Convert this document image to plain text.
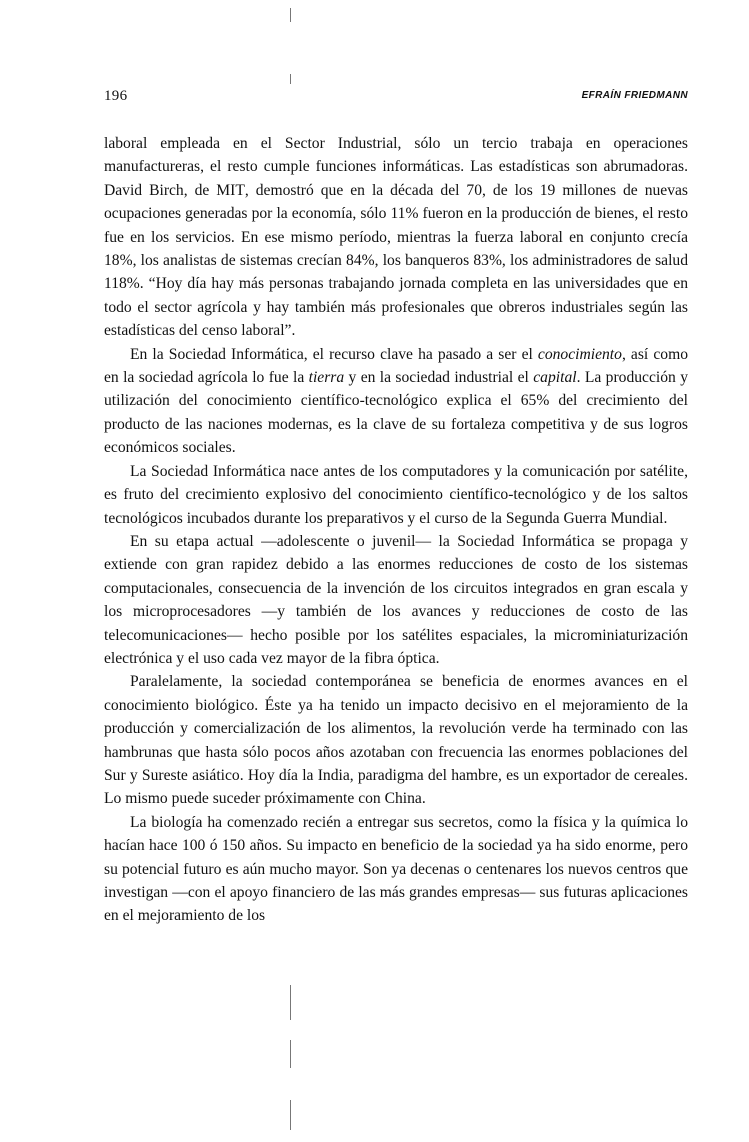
196	EFRAÍN FRIEDMANN

laboral empleada en el Sector Industrial, sólo un tercio trabaja en operaciones manufactureras, el resto cumple funciones informáticas. Las estadísticas son abrumadoras. David Birch, de MIT, demostró que en la década del 70, de los 19 millones de nuevas ocupaciones generadas por la economía, sólo 11% fueron en la producción de bienes, el resto fue en los servicios. En ese mismo período, mientras la fuerza laboral en conjunto crecía 18%, los analistas de sistemas crecían 84%, los banqueros 83%, los administradores de salud 118%. “Hoy día hay más personas trabajando jornada completa en las universidades que en todo el sector agrícola y hay también más profesionales que obreros industriales según las estadísticas del censo laboral”.

En la Sociedad Informática, el recurso clave ha pasado a ser el conocimiento, así como en la sociedad agrícola lo fue la tierra y en la sociedad industrial el capital. La producción y utilización del conocimiento científico-tecnológico explica el 65% del crecimiento del producto de las naciones modernas, es la clave de su fortaleza competitiva y de sus logros económicos sociales.

La Sociedad Informática nace antes de los computadores y la comunicación por satélite, es fruto del crecimiento explosivo del conocimiento científico-tecnológico y de los saltos tecnológicos incubados durante los preparativos y el curso de la Segunda Guerra Mundial.

En su etapa actual —adolescente o juvenil— la Sociedad Informática se propaga y extiende con gran rapidez debido a las enormes reducciones de costo de los sistemas computacionales, consecuencia de la invención de los circuitos integrados en gran escala y los microprocesadores —y también de los avances y reducciones de costo de las telecomunicaciones— hecho posible por los satélites espaciales, la microminiaturización electrónica y el uso cada vez mayor de la fibra óptica.

Paralelamente, la sociedad contemporánea se beneficia de enormes avances en el conocimiento biológico. Éste ya ha tenido un impacto decisivo en el mejoramiento de la producción y comercialización de los alimentos, la revolución verde ha terminado con las hambrunas que hasta sólo pocos años azotaban con frecuencia las enormes poblaciones del Sur y Sureste asiático. Hoy día la India, paradigma del hambre, es un exportador de cereales. Lo mismo puede suceder próximamente con China.

La biología ha comenzado recién a entregar sus secretos, como la física y la química lo hacían hace 100 ó 150 años. Su impacto en beneficio de la sociedad ya ha sido enorme, pero su potencial futuro es aún mucho mayor. Son ya decenas o centenares los nuevos centros que investigan —con el apoyo financiero de las más grandes empresas— sus futuras aplicaciones en el mejoramiento de los
